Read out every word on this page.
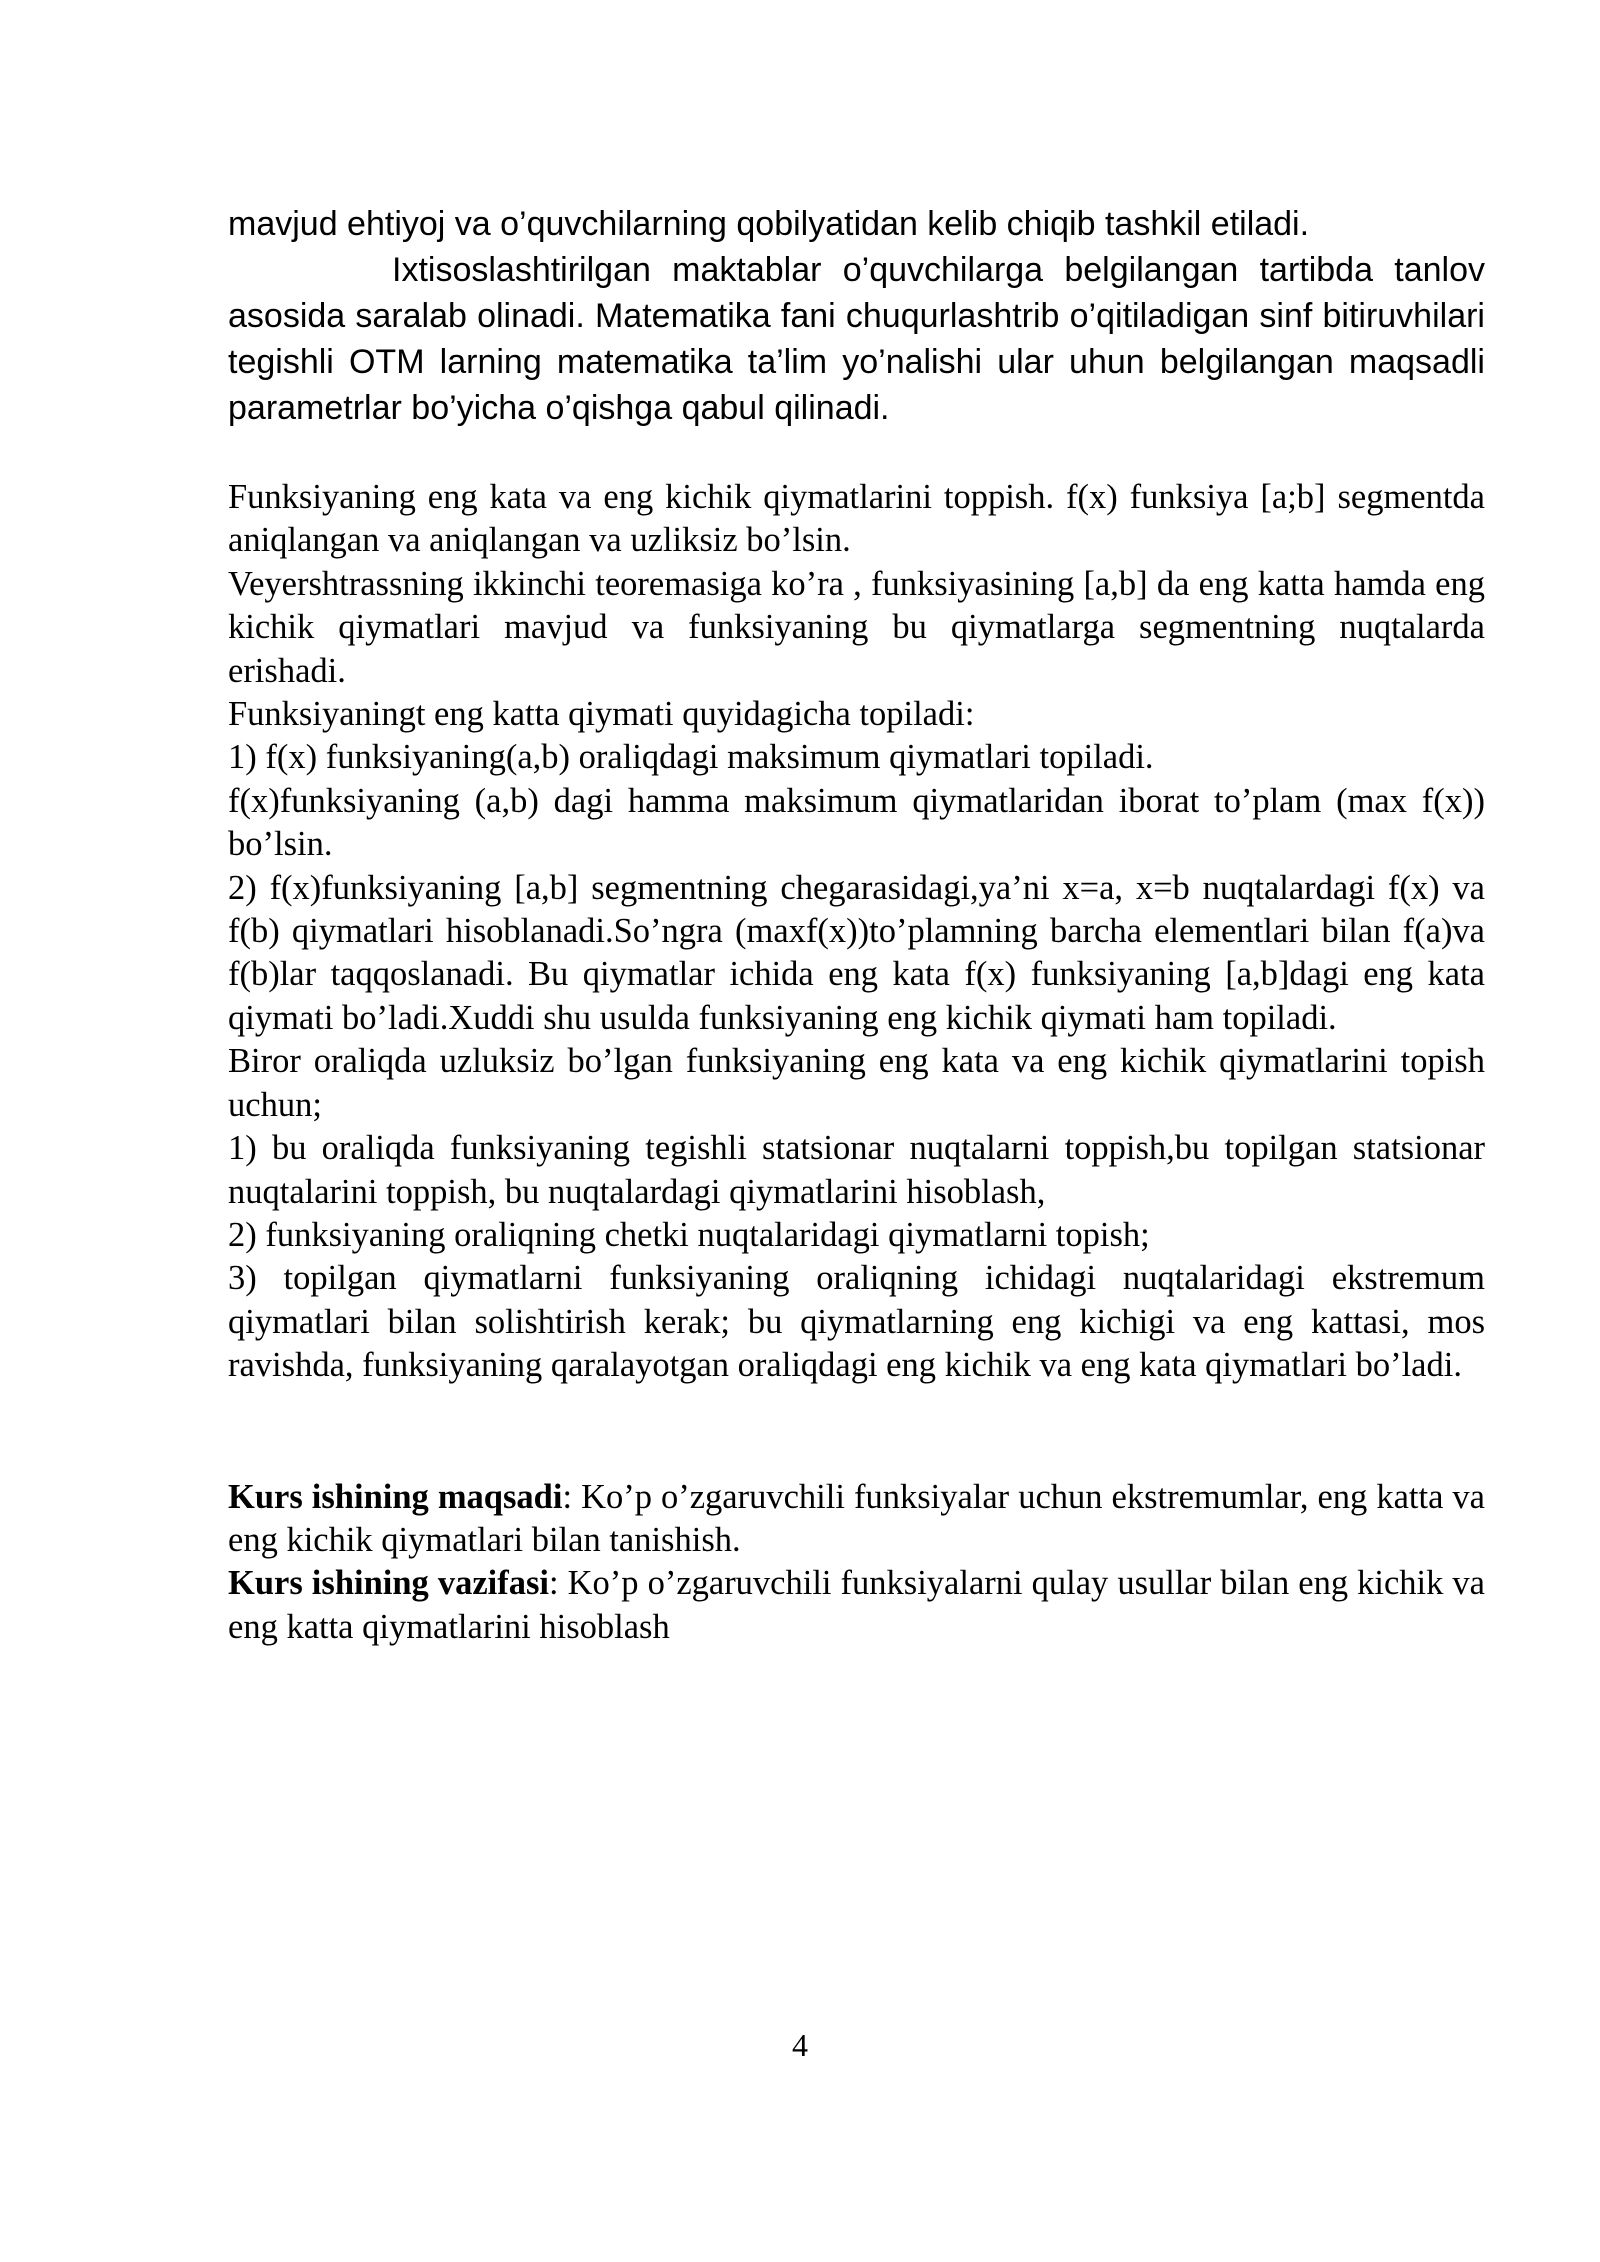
mavjud ehtiyoj va o’quvchilarning qobilyatidan kelib chiqib tashkil etiladi.

Ixtisoslashtirilgan maktablar o’quvchilarga belgilangan tartibda tanlov asosida saralab olinadi. Matematika fani chuqurlashtrib o’qitiladigan sinf bitiruvhilari tegishli OTM larning matematika ta’lim yo’nalishi ular uhun belgilangan maqsadli parametrlar bo’yicha o’qishga qabul qilinadi.

Funksiyaning eng kata va eng kichik qiymatlarini toppish. f(x) funksiya [a;b] segmentda aniqlangan va aniqlangan va uzliksiz bo’lsin.

Veyershtrassning ikkinchi teoremasiga ko’ra , funksiyasining [a,b] da eng katta hamda eng kichik qiymatlari mavjud va funksiyaning bu qiymatlarga segmentning nuqtalarda erishadi.

Funksiyaningt eng katta qiymati quyidagicha topiladi:

1) f(x) funksiyaning(a,b) oraliqdagi maksimum qiymatlari topiladi.

f(x)funksiyaning (a,b) dagi hamma maksimum qiymatlaridan iborat to’plam (max f(x)) bo’lsin.

2) f(x)funksiyaning [a,b] segmentning chegarasidagi,ya’ni x=a, x=b nuqtalardagi f(x) va f(b) qiymatlari hisoblanadi.So’ngra (maxf(x))to’plamning barcha elementlari bilan f(a)va f(b)lar taqqoslanadi. Bu qiymatlar ichida eng kata f(x) funksiyaning [a,b]dagi eng kata qiymati bo’ladi.Xuddi shu usulda funksiyaning eng kichik qiymati ham topiladi.

Biror oraliqda uzluksiz bo’lgan funksiyaning eng kata va eng kichik qiymatlarini topish uchun;

1) bu oraliqda funksiyaning tegishli statsionar nuqtalarni toppish,bu topilgan statsionar nuqtalarini toppish, bu nuqtalardagi qiymatlarini hisoblash,

2) funksiyaning oraliqning chetki nuqtalaridagi qiymatlarni topish;

3) topilgan qiymatlarni funksiyaning oraliqning ichidagi nuqtalaridagi ekstremum qiymatlari bilan solishtirish kerak; bu qiymatlarning eng kichigi va eng kattasi, mos ravishda, funksiyaning qaralayotgan oraliqdagi eng kichik va eng kata qiymatlari bo’ladi.

Kurs ishining maqsadi: Ko’p o’zgaruvchili funksiyalar uchun ekstremumlar, eng katta va eng kichik qiymatlari bilan tanishish.

Kurs ishining vazifasi: Ko’p o’zgaruvchili funksiyalarni qulay usullar bilan eng kichik va eng katta qiymatlarini hisoblash

4
